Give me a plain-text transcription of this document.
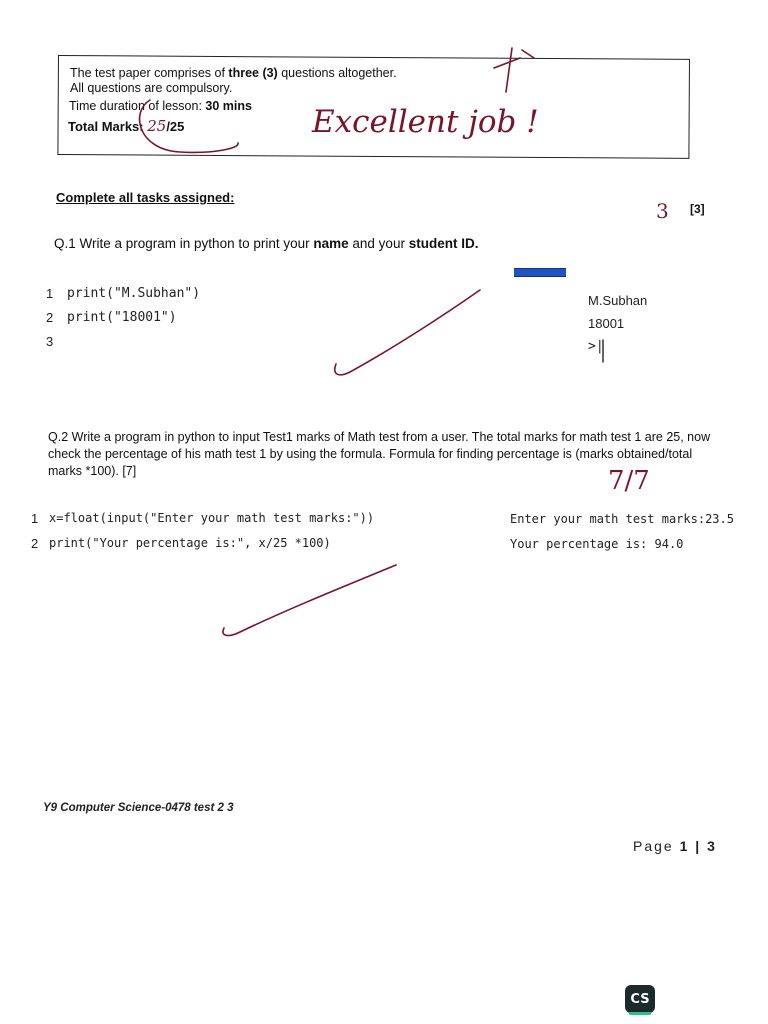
The test paper comprises of three (3) questions altogether.
All questions are compulsory.
Time duration of lesson: 30 mins
Total Marks: 25/25	Excellent job !
Complete all tasks assigned:
3 [3]
Q.1 Write a program in python to print your name and your student ID.
1 print("M.Subhan")
2 print("18001")
3
M.Subhan
18001
>|
Q.2 Write a program in python to input Test1 marks of Math test from a user. The total marks for math test 1 are 25, now check the percentage of his math test 1 by using the formula. Formula for finding percentage is (marks obtained/total marks *100). [7]	7/7
1 x=float(input("Enter your math test marks:"))
2 print("Your percentage is:", x/25 *100)
Enter your math test marks:23.5
Your percentage is: 94.0
Y9 Computer Science-0478 test 2 3
Page 1 | 3
CS
